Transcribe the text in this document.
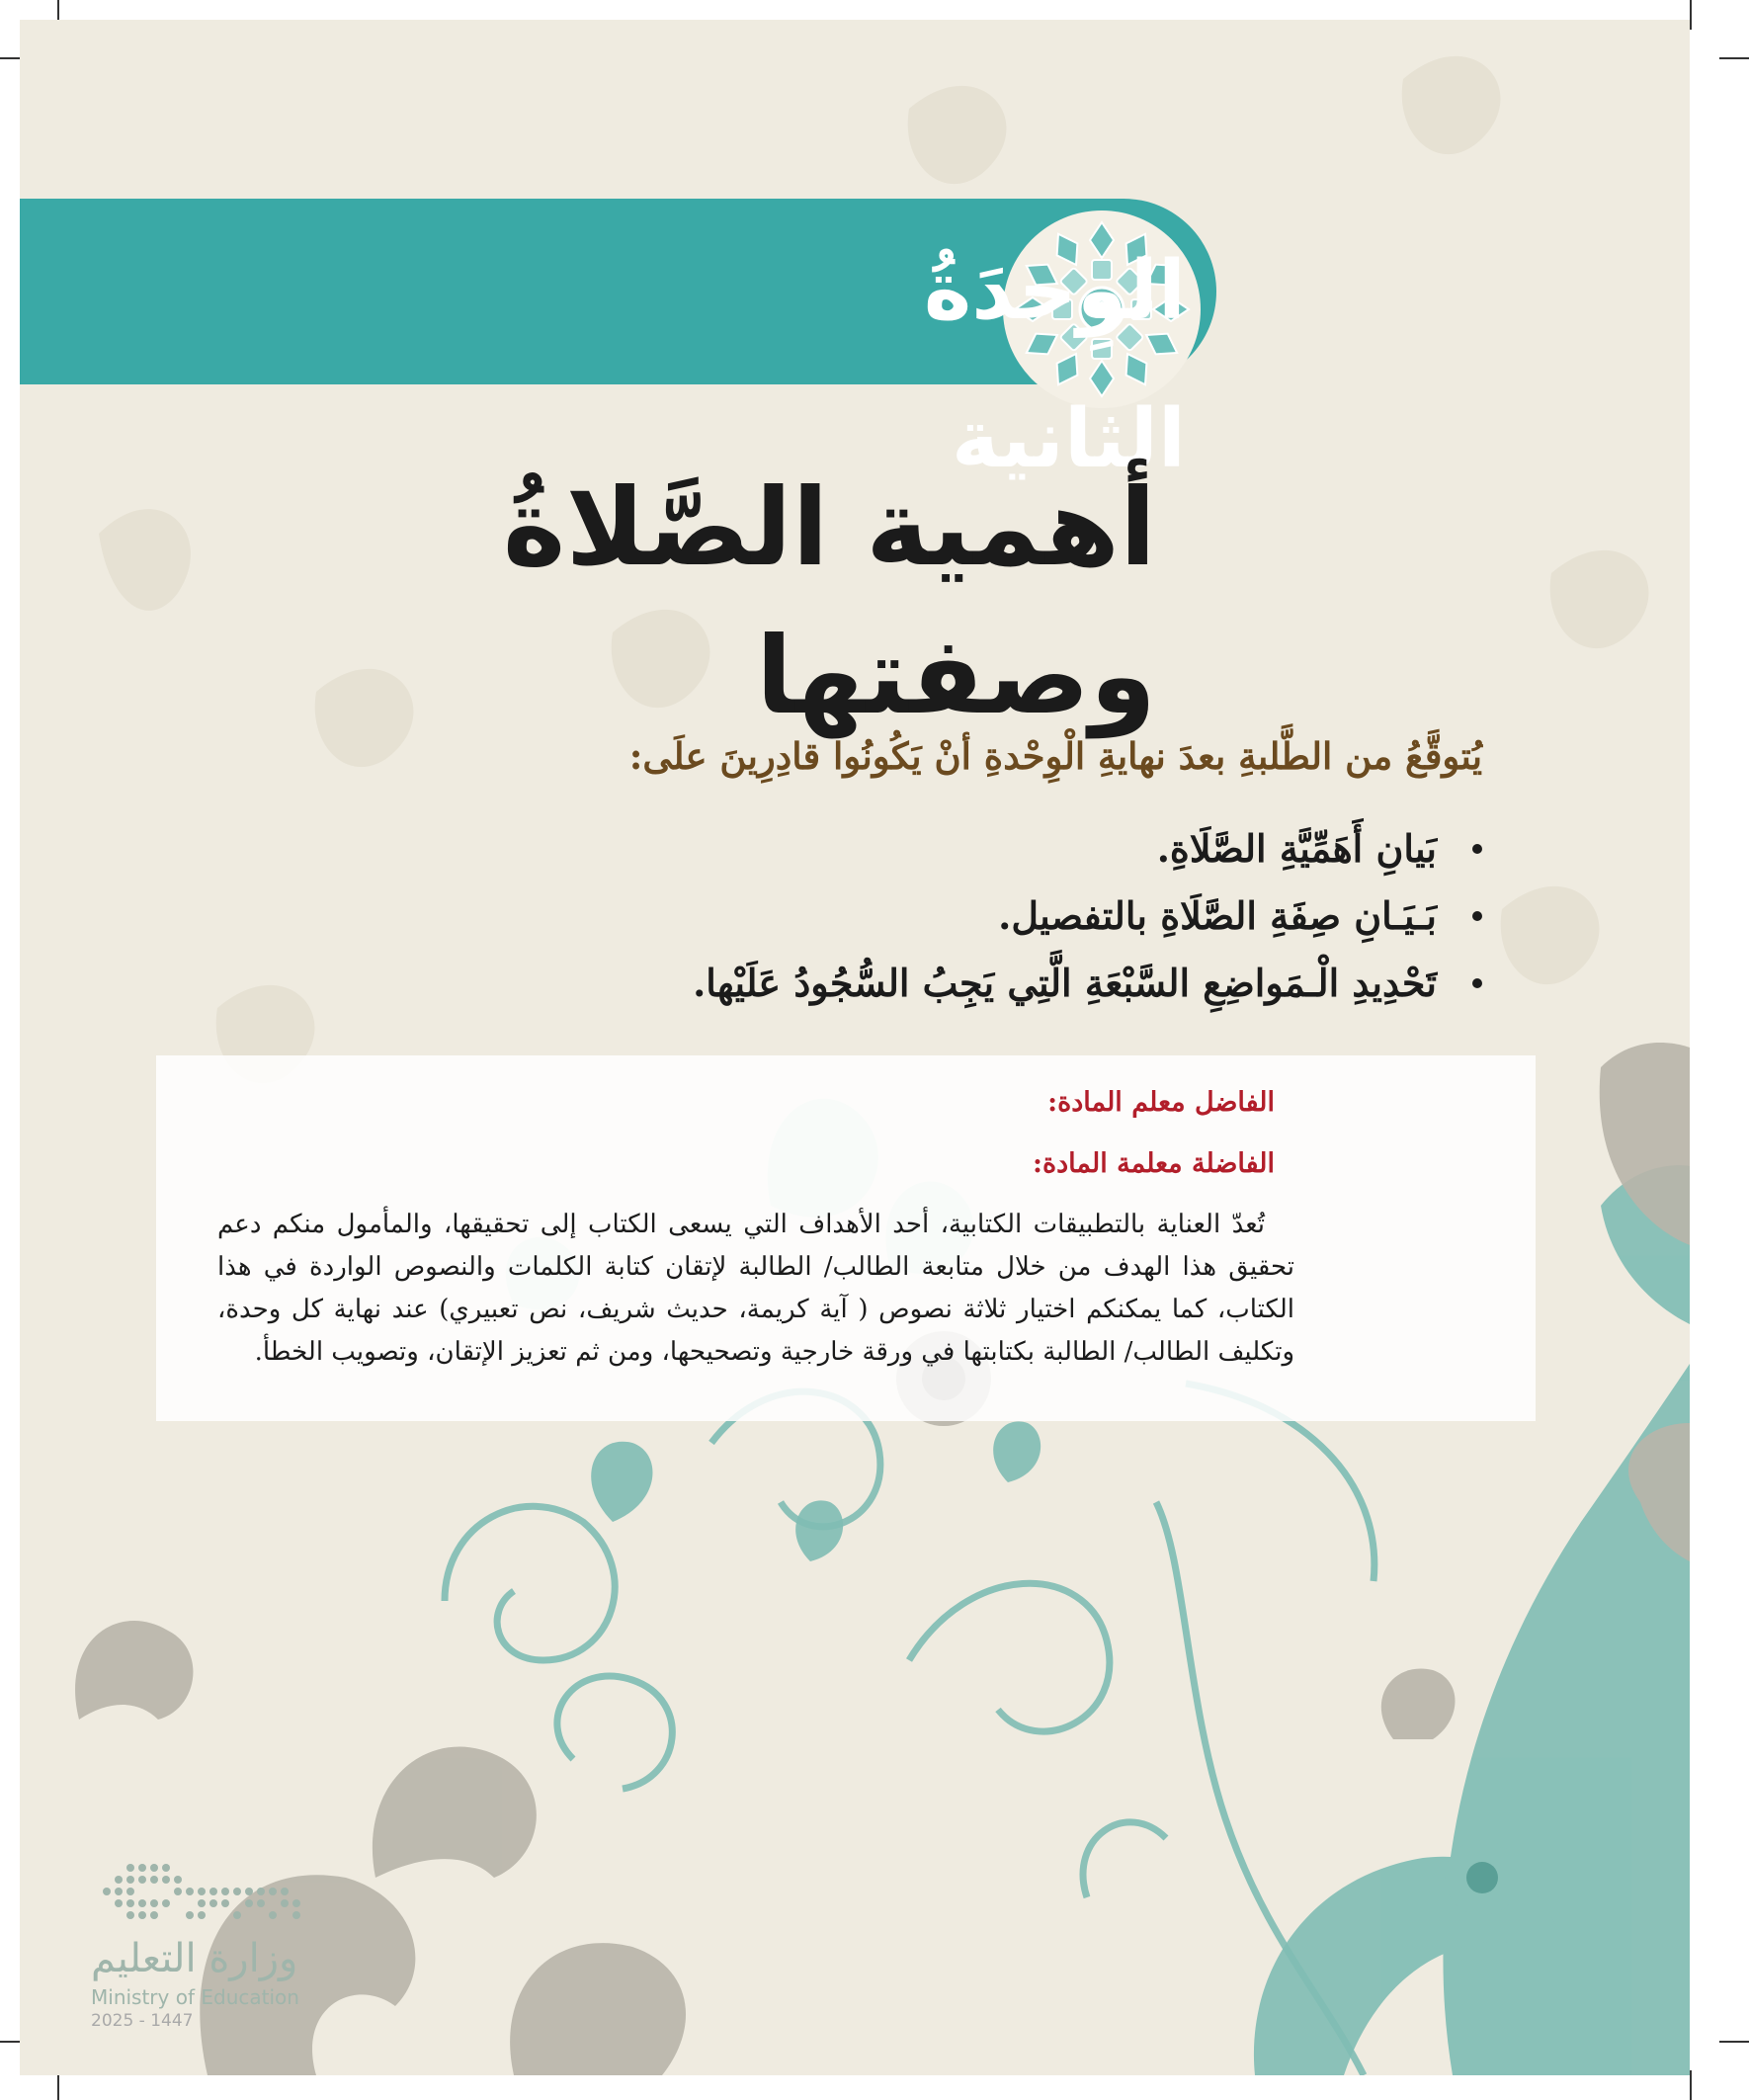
الوِحدَةُ الثانية
أهمية الصَّلاةُ وصفتها

يُتوقَّعُ من الطَّلبةِ بعدَ نهايةِ الْوِحْدةِ أنْ يَكُونُوا قادِرِينَ علَى:

بَيانِ أَهَمِّيَّةِ الصَّلَاةِ.
بَـيَـانِ صِفَةِ الصَّلَاةِ بالتفصيل.
تَحْدِيدِ الْـمَواضِعِ السَّبْعَةِ الَّتِي يَجِبُ السُّجُودُ عَلَيْها.
الفاضل معلم المادة:
الفاضلة معلمة المادة:
تُعدّ العناية بالتطبيقات الكتابية، أحد الأهداف التي يسعى الكتاب إلى تحقيقها، والمأمول منكم دعم تحقيق هذا الهدف من خلال متابعة الطالب/ الطالبة لإتقان كتابة الكلمات والنصوص الواردة في هذا الكتاب، كما يمكنكم اختيار ثلاثة نصوص ( آية كريمة، حديث شريف، نص تعبيري) عند نهاية كل وحدة، وتكليف الطالب/ الطالبة بكتابتها في ورقة خارجية وتصحيحها، ومن ثم تعزيز الإتقان، وتصويب الخطأ.
وزارة التعليم
Ministry of Education
2025 - 1447
